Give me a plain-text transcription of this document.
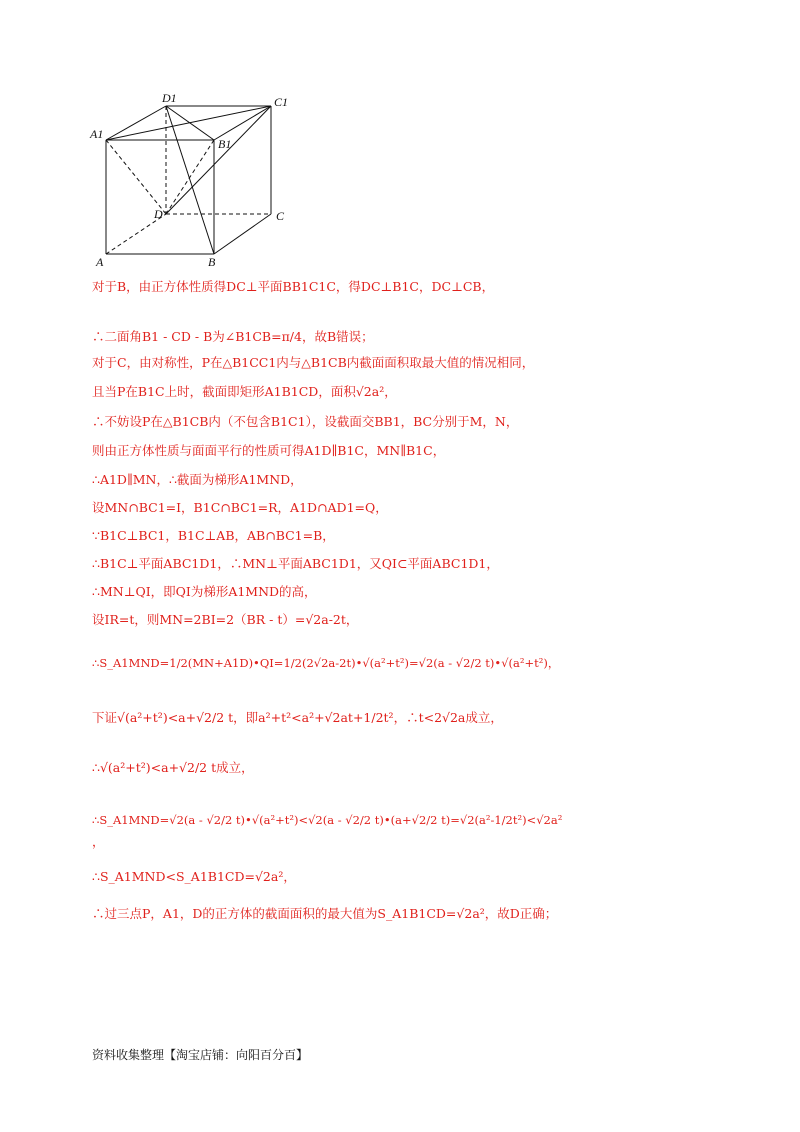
D1	C1
A1
B1
D	C
A	B
对于B，由正方体性质得DC⊥平面BB1C1C，得DC⊥B1C，DC⊥CB，
∴二面角B1 - CD - B为∠B1CB=π/4，故B错误；
对于C，由对称性，P在△B1CC1内与△B1CB内截面面积取最大值的情况相同，
且当P在B1C上时，截面即矩形A1B1CD，面积√2a²，
∴不妨设P在△B1CB内（不包含B1C1），设截面交BB1，BC分别于M，N，
则由正方体性质与面面平行的性质可得A1D∥B1C，MN∥B1C，
∴A1D∥MN，∴截面为梯形A1MND，
设MN∩BC1=I，B1C∩BC1=R，A1D∩AD1=Q，
∵B1C⊥BC1，B1C⊥AB，AB∩BC1=B，
∴B1C⊥平面ABC1D1，∴MN⊥平面ABC1D1，又QI⊂平面ABC1D1，
∴MN⊥QI，即QI为梯形A1MND的高，
设IR=t，则MN=2BI=2（BR - t）=√2a-2t，
∴S_A1MND=1/2(MN+A1D)•QI=1/2(2√2a-2t)•√(a²+t²)=√2(a - √2/2 t)•√(a²+t²)，
下证√(a²+t²)<a+√2/2 t，即a²+t²<a²+√2at+1/2t²，∴t<2√2a成立，
∴√(a²+t²)<a+√2/2 t成立，
∴S_A1MND=√2(a - √2/2 t)•√(a²+t²)<√2(a - √2/2 t)•(a+√2/2 t)=√2(a²-1/2t²)<√2a²
，
∴S_A1MND<S_A1B1CD=√2a²，
∴过三点P，A1，D的正方体的截面面积的最大值为S_A1B1CD=√2a²，故D正确；
资料收集整理【淘宝店铺：向阳百分百】
